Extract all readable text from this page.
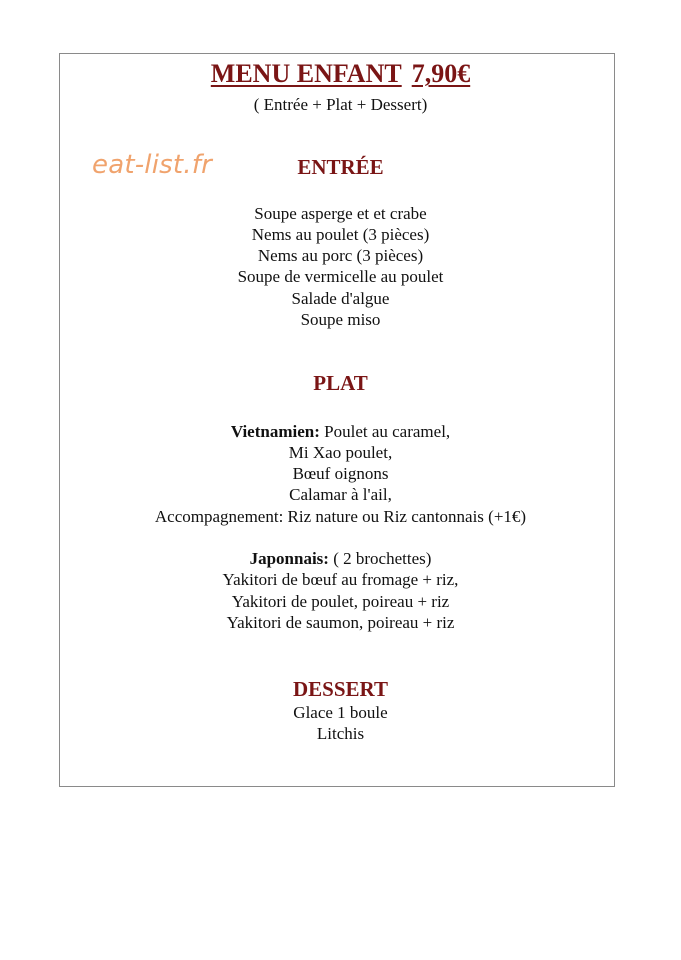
eat-list.fr
MENU ENFANT 7,90€
( Entrée + Plat + Dessert)
ENTRÉE
Soupe asperge et et crabe
Nems au poulet (3 pièces)
Nems au porc (3 pièces)
Soupe de vermicelle au poulet
Salade d'algue
Soupe miso
PLAT
Vietnamien: Poulet au caramel,
Mi Xao poulet,
Bœuf oignons
Calamar à l'ail,
Accompagnement: Riz nature ou Riz cantonnais (+1€)
Japonnais: ( 2 brochettes)
Yakitori de bœuf au fromage + riz,
Yakitori de poulet, poireau + riz
Yakitori de saumon, poireau + riz
DESSERT
Glace 1 boule
Litchis
